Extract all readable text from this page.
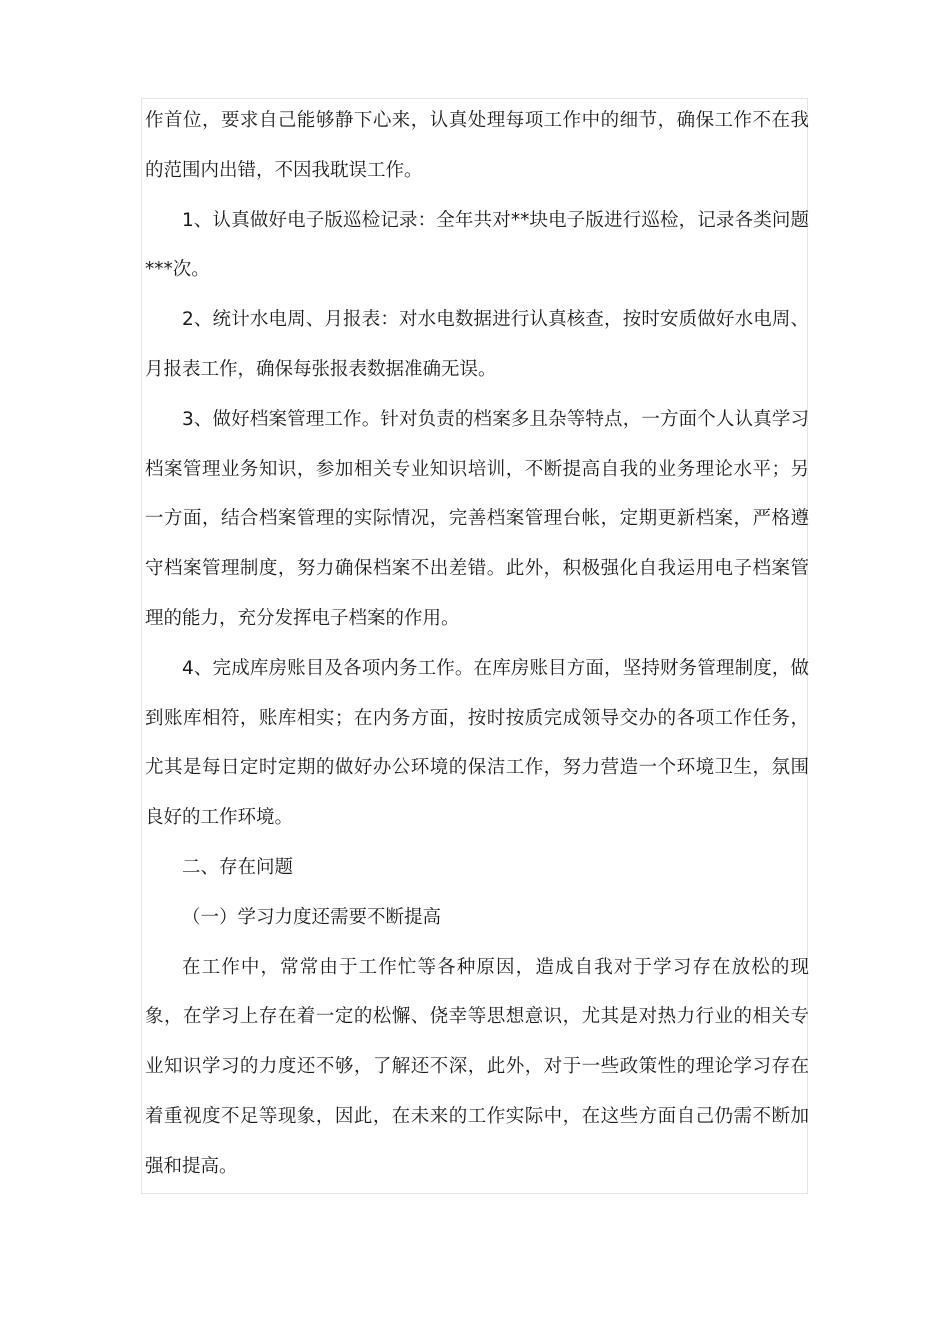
作首位，要求自己能够静下心来，认真处理每项工作中的细节，确保工作不在我的范围内出错，不因我耽误工作。

1、认真做好电子版巡检记录：全年共对**块电子版进行巡检，记录各类问题***次。

2、统计水电周、月报表：对水电数据进行认真核查，按时安质做好水电周、月报表工作，确保每张报表数据准确无误。

3、做好档案管理工作。针对负责的档案多且杂等特点，一方面个人认真学习档案管理业务知识，参加相关专业知识培训，不断提高自我的业务理论水平；另一方面，结合档案管理的实际情况，完善档案管理台帐，定期更新档案，严格遵守档案管理制度，努力确保档案不出差错。此外，积极强化自我运用电子档案管理的能力，充分发挥电子档案的作用。

4、完成库房账目及各项内务工作。在库房账目方面，坚持财务管理制度，做到账库相符，账库相实；在内务方面，按时按质完成领导交办的各项工作任务，尤其是每日定时定期的做好办公环境的保洁工作，努力营造一个环境卫生，氛围良好的工作环境。

二、存在问题

（一）学习力度还需要不断提高

在工作中，常常由于工作忙等各种原因，造成自我对于学习存在放松的现象，在学习上存在着一定的松懈、侥幸等思想意识，尤其是对热力行业的相关专业知识学习的力度还不够，了解还不深，此外，对于一些政策性的理论学习存在着重视度不足等现象，因此，在未来的工作实际中，在这些方面自己仍需不断加强和提高。
